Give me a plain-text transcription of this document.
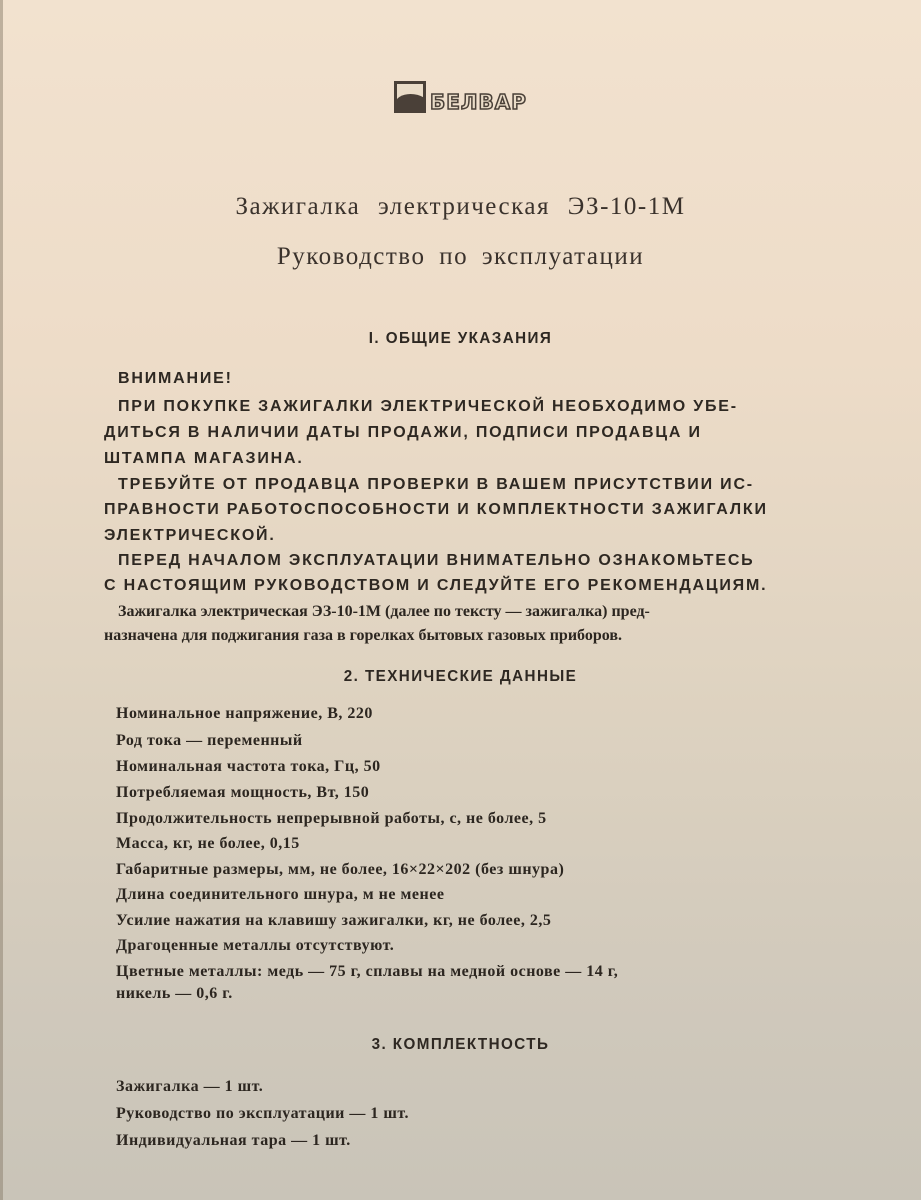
БЕЛВАР
Зажигалка электрическая ЭЗ-10-1М
Руководство по эксплуатации
I. ОБЩИЕ УКАЗАНИЯ
ВНИМАНИЕ!
ПРИ ПОКУПКЕ ЗАЖИГАЛКИ ЭЛЕКТРИЧЕСКОЙ НЕОБХОДИМО УБЕ-
ДИТЬСЯ В НАЛИЧИИ ДАТЫ ПРОДАЖИ, ПОДПИСИ ПРОДАВЦА И
ШТАМПА МАГАЗИНА.
ТРЕБУЙТЕ ОТ ПРОДАВЦА ПРОВЕРКИ В ВАШЕМ ПРИСУТСТВИИ ИС-
ПРАВНОСТИ РАБОТОСПОСОБНОСТИ И КОМПЛЕКТНОСТИ ЗАЖИГАЛКИ
ЭЛЕКТРИЧЕСКОЙ.
ПЕРЕД НАЧАЛОМ ЭКСПЛУАТАЦИИ ВНИМАТЕЛЬНО ОЗНАКОМЬТЕСЬ
С НАСТОЯЩИМ РУКОВОДСТВОМ И СЛЕДУЙТЕ ЕГО РЕКОМЕНДАЦИЯМ.
Зажигалка электрическая ЭЗ-10-1М (далее по тексту — зажигалка) пред-
назначена для поджигания газа в горелках бытовых газовых приборов.
2. ТЕХНИЧЕСКИЕ ДАННЫЕ
Номинальное напряжение, В, 220
Род тока — переменный
Номинальная частота тока, Гц, 50
Потребляемая мощность, Вт, 150
Продолжительность непрерывной работы, с, не более, 5
Масса, кг, не более, 0,15
Габаритные размеры, мм, не более, 16×22×202 (без шнура)
Длина соединительного шнура, м не менее
Усилие нажатия на клавишу зажигалки, кг, не более, 2,5
Драгоценные металлы отсутствуют.
Цветные металлы: медь — 75 г, сплавы на медной основе — 14 г,
никель — 0,6 г.
3. КОМПЛЕКТНОСТЬ
Зажигалка — 1 шт.
Руководство по эксплуатации — 1 шт.
Индивидуальная тара — 1 шт.
